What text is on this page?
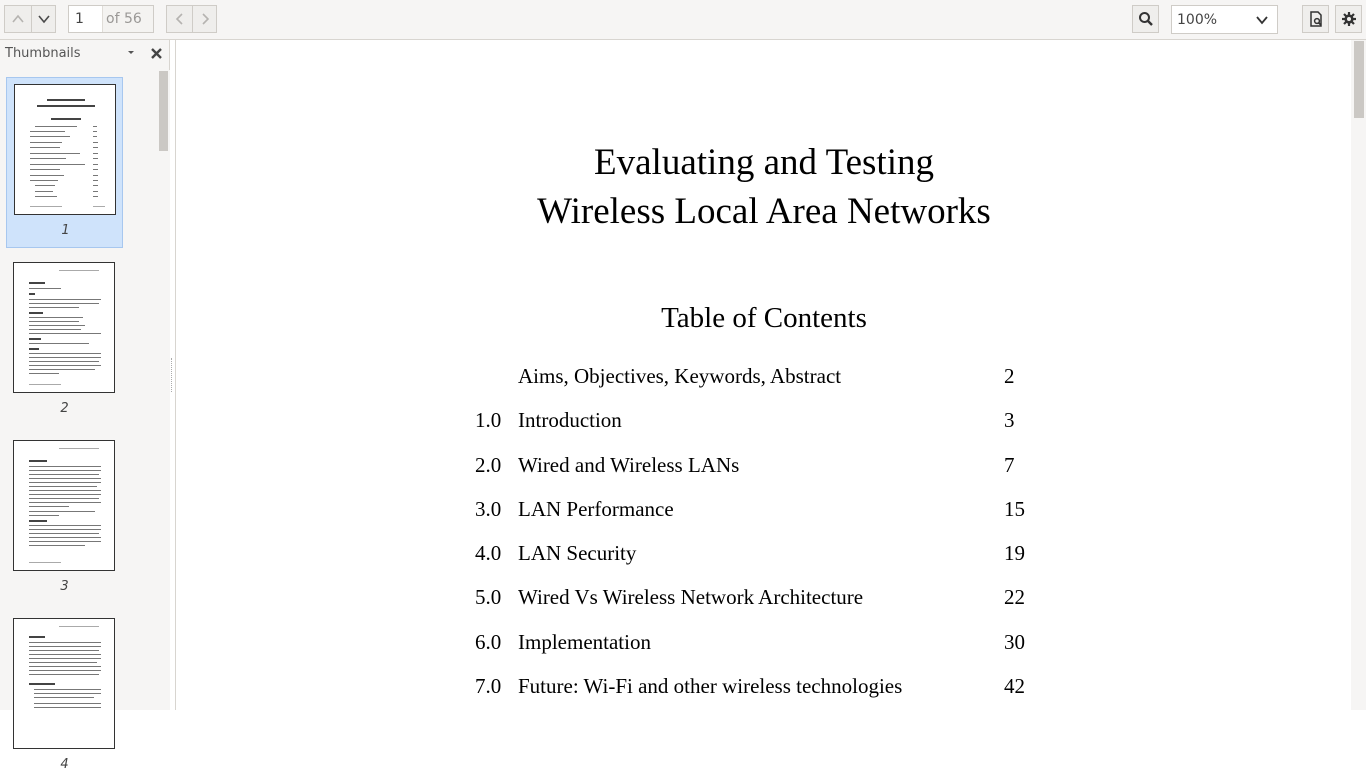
1
of 56	100%
Thumbnails
1
2
3
4
Evaluating and Testing
Wireless Local Area Networks
Table of Contents
Aims, Objectives, Keywords, Abstract	2
1.0 Introduction	3
2.0 Wired and Wireless LANs	7
3.0 LAN Performance	15
4.0 LAN Security	19
5.0 Wired Vs Wireless Network Architecture	22
6.0 Implementation	30
7.0 Future: Wi-Fi and other wireless technologies	42
